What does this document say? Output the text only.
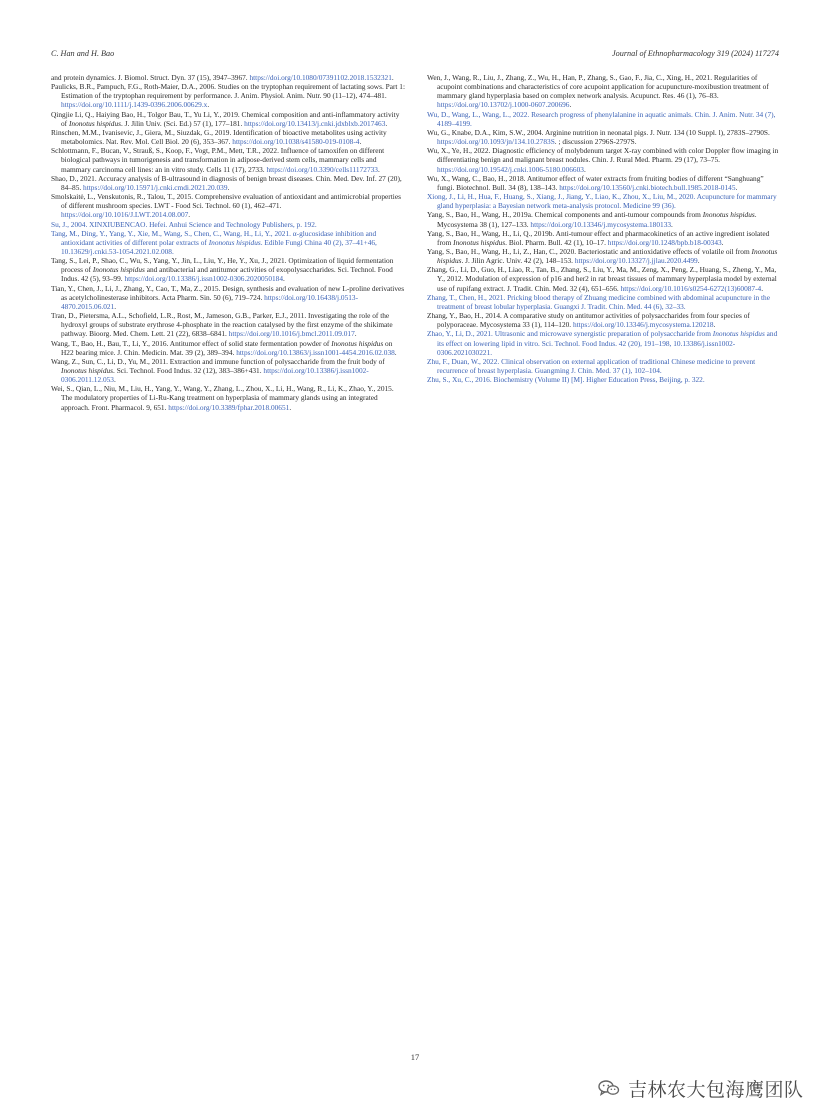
C. Han and H. Bao	Journal of Ethnopharmacology 319 (2024) 117274

and protein dynamics. J. Biomol. Struct. Dyn. 37 (15), 3947–3967. https://doi.org/10.1080/07391102.2018.1532321.

Paulicks, B.R., Pampuch, F.G., Roth-Maier, D.A., 2006. Studies on the tryptophan requirement of lactating sows. Part 1: Estimation of the tryptophan requirement by performance. J. Anim. Physiol. Anim. Nutr. 90 (11–12), 474–481. https://doi.org/10.1111/j.1439-0396.2006.00629.x.

Qingjie Li, Q., Haiying Bao, H., Tolgor Bau, T., Yu Li, Y., 2019. Chemical composition and anti-inflammatory activity of Inonotus hispidus. J. Jilin Univ. (Sci. Ed.) 57 (1), 177–181. https://doi.org/10.13413/j.cnki.jdxblxb.2017463.

Rinschen, M.M., Ivanisevic, J., Giera, M., Siuzdak, G., 2019. Identification of bioactive metabolites using activity metabolomics. Nat. Rev. Mol. Cell Biol. 20 (6), 353–367. https://doi.org/10.1038/s41580-019-0108-4.

Schlottmann, F., Bucan, V., Strauß, S., Koop, F., Vogt, P.M., Mett, T.R., 2022. Influence of tamoxifen on different biological pathways in tumorigenesis and transformation in adipose-derived stem cells, mammary cells and mammary carcinoma cell lines: an in vitro study. Cells 11 (17), 2733. https://doi.org/10.3390/cells11172733.

Shao, D., 2021. Accuracy analysis of B-ultrasound in diagnosis of benign breast diseases. Chin. Med. Dev. Inf. 27 (20), 84–85. https://doi.org/10.15971/j.cnki.cmdi.2021.20.039.

Smolskaitė, L., Venskutonis, R., Talou, T., 2015. Comprehensive evaluation of antioxidant and antimicrobial properties of different mushroom species. LWT - Food Sci. Technol. 60 (1), 462–471. https://doi.org/10.1016/J.LWT.2014.08.007.

Su, J., 2004. XINXIUBENCAO. Hefei. Anhui Science and Technology Publishers, p. 192.

Tang, M., Ding, Y., Yang, Y., Xie, M., Wang, S., Chen, C., Wang, H., Li, Y., 2021. α-glucosidase inhibition and antioxidant activities of different polar extracts of Inonotus hispidus. Edible Fungi China 40 (2), 37–41+46, 10.13629/j.cnki.53-1054.2021.02.008.

Tang, S., Lei, P., Shao, C., Wu, S., Yang, Y., Jin, L., Liu, Y., He, Y., Xu, J., 2021. Optimization of liquid fermentation process of Inonotus hispidus and antibacterial and antitumor activities of exopolysaccharides. Sci. Technol. Food Indus. 42 (5), 93–99. https://doi.org/10.13386/j.issn1002-0306.2020050184.

Tian, Y., Chen, J., Li, J., Zhang, Y., Cao, T., Ma, Z., 2015. Design, synthesis and evaluation of new L-proline derivatives as acetylcholinesterase inhibitors. Acta Pharm. Sin. 50 (6), 719–724. https://doi.org/10.16438/j.0513-4870.2015.06.021.

Tran, D., Pietersma, A.L., Schofield, L.R., Rost, M., Jameson, G.B., Parker, E.J., 2011. Investigating the role of the hydroxyl groups of substrate erythrose 4-phosphate in the reaction catalysed by the first enzyme of the shikimate pathway. Bioorg. Med. Chem. Lett. 21 (22), 6838–6841. https://doi.org/10.1016/j.bmcl.2011.09.017.

Wang, T., Bao, H., Bau, T., Li, Y., 2016. Antitumor effect of solid state fermentation powder of Inonotus hispidus on H22 bearing mice. J. Chin. Medicin. Mat. 39 (2), 389–394. https://doi.org/10.13863/j.issn1001-4454.2016.02.038.

Wang, Z., Sun, C., Li, D., Yu, M., 2011. Extraction and immune function of polysaccharide from the fruit body of Inonotus hispidus. Sci. Technol. Food Indus. 32 (12), 383–386+431. https://doi.org/10.13386/j.issn1002-0306.2011.12.053.

Wei, S., Qian, L., Niu, M., Liu, H., Yang, Y., Wang, Y., Zhang, L., Zhou, X., Li, H., Wang, R., Li, K., Zhao, Y., 2015. The modulatory properties of Li-Ru-Kang treatment on hyperplasia of mammary glands using an integrated approach. Front. Pharmacol. 9, 651. https://doi.org/10.3389/fphar.2018.00651.

Wen, J., Wang, R., Liu, J., Zhang, Z., Wu, H., Han, P., Zhang, S., Gao, F., Jia, C., Xing, H., 2021. Regularities of acupoint combinations and characteristics of core acupoint application for acupuncture-moxibustion treatment of mammary gland hyperplasia based on complex network analysis. Acupunct. Res. 46 (1), 76–83. https://doi.org/10.13702/j.1000-0607.200696.

Wu, D., Wang, L., Wang, L., 2022. Research progress of phenylalanine in aquatic animals. Chin. J. Anim. Nutr. 34 (7), 4189–4199.

Wu, G., Knabe, D.A., Kim, S.W., 2004. Arginine nutrition in neonatal pigs. J. Nutr. 134 (10 Suppl. l), 2783S–2790S. https://doi.org/10.1093/jn/134.10.2783S. ; discussion 2796S-2797S.

Wu, X., Ye, H., 2022. Diagnostic efficiency of molybdenum target X-ray combined with color Doppler flow imaging in differentiating benign and malignant breast nodules. Chin. J. Rural Med. Pharm. 29 (17), 73–75. https://doi.org/10.19542/j.cnki.1006-5180.006603.

Wu, X., Wang, C., Bao, H., 2018. Antitumor effect of water extracts from fruiting bodies of different “Sanghuang” fungi. Biotechnol. Bull. 34 (8), 138–143. https://doi.org/10.13560/j.cnki.biotech.bull.1985.2018-0145.

Xiong, J., Li, H., Hua, F., Huang, S., Xiang, J., Jiang, Y., Liao, K., Zhou, X., Liu, M., 2020. Acupuncture for mammary gland hyperplasia: a Bayesian network meta-analysis protocol. Medicine 99 (36).

Yang, S., Bao, H., Wang, H., 2019a. Chemical components and anti-tumour compounds from Inonotus hispidus. Mycosystema 38 (1), 127–133. https://doi.org/10.13346/j.mycosystema.180133.

Yang, S., Bao, H., Wang, H., Li, Q., 2019b. Anti-tumour effect and pharmacokinetics of an active ingredient isolated from Inonotus hispidus. Biol. Pharm. Bull. 42 (1), 10–17. https://doi.org/10.1248/bpb.b18-00343.

Yang, S., Bao, H., Wang, H., Li, Z., Han, C., 2020. Bacteriostatic and antioxidative effects of volatile oil from Inonotus hispidus. J. Jilin Agric. Univ. 42 (2), 148–153. https://doi.org/10.13327/j.jjlau.2020.4499.

Zhang, G., Li, D., Guo, H., Liao, R., Tan, B., Zhang, S., Liu, Y., Ma, M., Zeng, X., Peng, Z., Huang, S., Zheng, Y., Ma, Y., 2012. Modulation of expression of p16 and her2 in rat breast tissues of mammary hyperplasia model by external use of rupifang extract. J. Tradit. Chin. Med. 32 (4), 651–656. https://doi.org/10.1016/s0254-6272(13)60087-4.

Zhang, T., Chen, H., 2021. Pricking blood therapy of Zhuang medicine combined with abdominal acupuncture in the treatment of breast lobular hyperplasia. Guangxi J. Tradit. Chin. Med. 44 (6), 32–33.

Zhang, Y., Bao, H., 2014. A comparative study on antitumor activities of polysaccharides from four species of polyporaceae. Mycosystema 33 (1), 114–120. https://doi.org/10.13346/j.mycosystema.120218.

Zhao, Y., Li, D., 2021. Ultrasonic and microwave synergistic preparation of polysaccharide from Inonotus hispidus and its effect on lowering lipid in vitro. Sci. Technol. Food Indus. 42 (20), 191–198, 10.13386/j.issn1002-0306.2021030221.

Zhu, F., Duan, W., 2022. Clinical observation on external application of traditional Chinese medicine to prevent recurrence of breast hyperplasia. Guangming J. Chin. Med. 37 (1), 102–104.

Zhu, S., Xu, C., 2016. Biochemistry (Volume II) [M]. Higher Education Press, Beijing, p. 322.

17
吉林农大包海鹰团队
